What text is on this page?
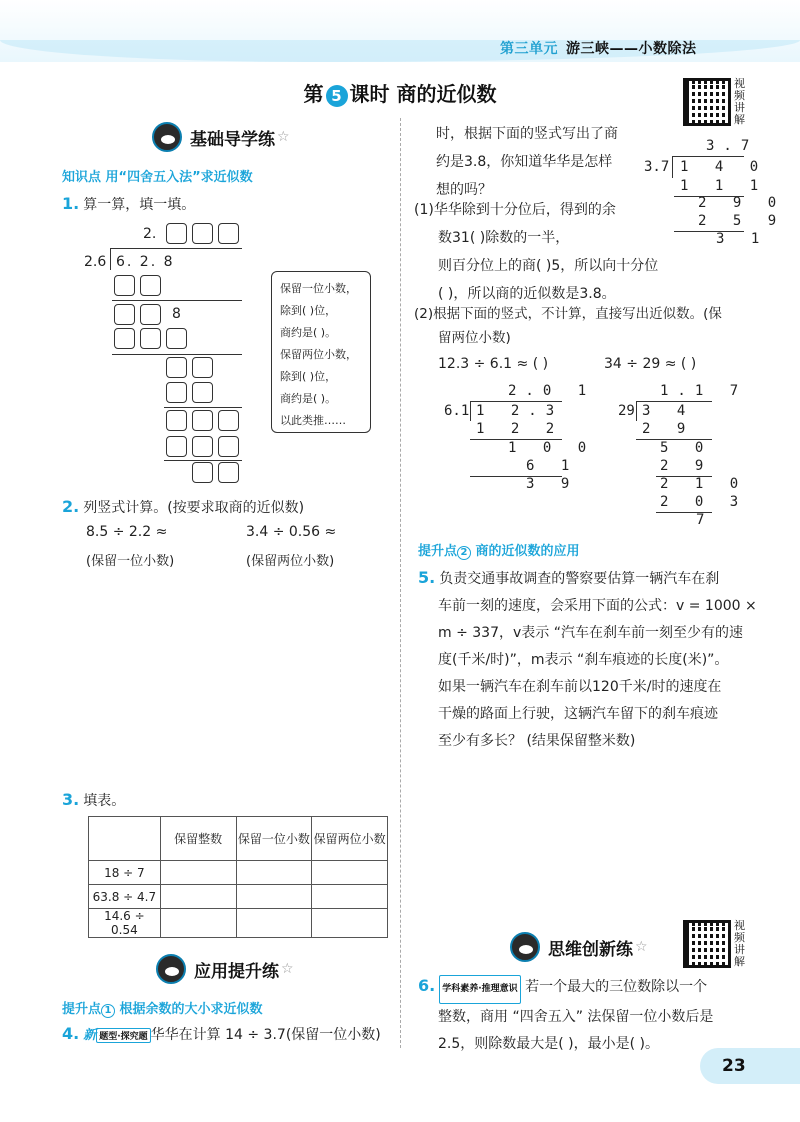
第三单元 游三峡——小数除法
第 5 课时 商的近似数	视频讲解
基础导学练 ☆
知识点 用“四舍五入法”求近似数
1. 算一算，填一填。
2.
2.6 6. 2. 8
8
保留一位小数，
除到( )位，
商约是( )。
保留两位小数，
除到( )位，
商约是( )。
以此类推……
2. 列竖式计算。(按要求取商的近似数)
8.5 ÷ 2.2 ≈	3.4 ÷ 0.56 ≈
(保留一位小数)	(保留两位小数)
3. 填表。
	保留整数	保留一位小数	保留两位小数
18 ÷ 7			
63.8 ÷ 4.7			
14.6 ÷ 0.54			
应用提升练 ☆
提升点 1 根据余数的大小求近似数
4. 新 题型·探究题 华华在计算 14 ÷ 3.7(保留一位小数)
时，根据下面的竖式写出了商
约是3.8，你知道华华是怎样
想的吗？
3.7
3.7 1 4 0
1 1 1
2 9 0
2 5 9
3 1
(1)华华除到十分位后，得到的余
数31( )除数的一半，
则百分位上的商( )5，所以向十分位
( )，所以商的近似数是3.8。
(2)根据下面的竖式，不计算，直接写出近似数。(保
留两位小数)
12.3 ÷ 6.1 ≈ ( )	34 ÷ 29 ≈ ( )
2.0 1
6.1 1 2.3
1 2 2
1 0 0
6 1
3 9
1.1 7
29 3 4
2 9
5 0
2 9
2 1 0
2 0 3
7
提升点 2 商的近似数的应用
5. 负责交通事故调查的警察要估算一辆汽车在刹
车前一刻的速度，会采用下面的公式：v = 1000 ×
m ÷ 337，v表示 “汽车在刹车前一刻至少有的速
度(千米/时)”，m表示 “刹车痕迹的长度(米)”。
如果一辆汽车在刹车前以120千米/时的速度在
干燥的路面上行驶，这辆汽车留下的刹车痕迹
至少有多长？ (结果保留整米数)
思维创新练 ☆
视频讲解
6. 学科素养·推理意识 若一个最大的三位数除以一个
整数，商用 “四舍五入” 法保留一位小数后是
2.5，则除数最大是( )，最小是( )。
23
